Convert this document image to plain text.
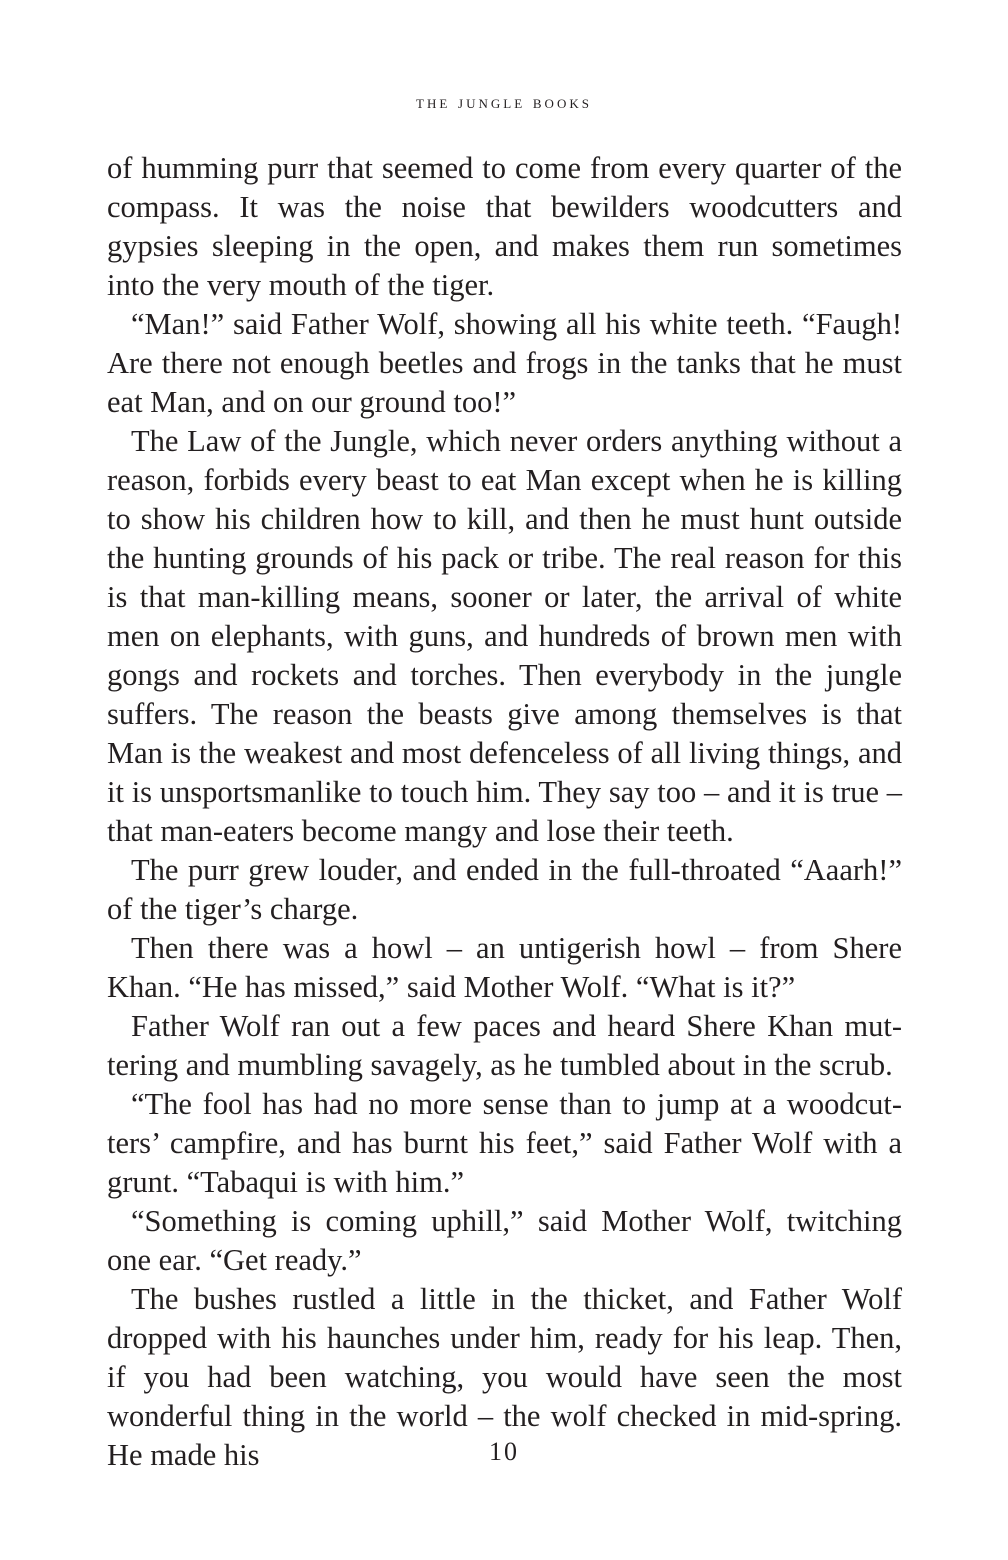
the jungle books

of humming purr that seemed to come from every quarter of the compass. It was the noise that bewilders woodcutters and gypsies sleeping in the open, and makes them run sometimes into the very mouth of the tiger.

“Man!” said Father Wolf, showing all his white teeth. “Faugh! Are there not enough beetles and frogs in the tanks that he must eat Man, and on our ground too!”

The Law of the Jungle, which never orders anything without a reason, forbids every beast to eat Man except when he is killing to show his children how to kill, and then he must hunt outside the hunting grounds of his pack or tribe. The real reason for this is that man-killing means, sooner or later, the arrival of white men on elephants, with guns, and hundreds of brown men with gongs and rockets and torches. Then everybody in the jungle suffers. The reason the beasts give among themselves is that Man is the weakest and most defenceless of all living things, and it is unsportsmanlike to touch him. They say too – and it is true – that man-eaters become mangy and lose their teeth.

The purr grew louder, and ended in the full-throated “Aaarh!” of the tiger’s charge.

Then there was a howl – an untigerish howl – from Shere Khan. “He has missed,” said Mother Wolf. “What is it?”

Father Wolf ran out a few paces and heard Shere Khan muttering and mumbling savagely, as he tumbled about in the scrub.

“The fool has had no more sense than to jump at a woodcutters’ campfire, and has burnt his feet,” said Father Wolf with a grunt. “Tabaqui is with him.”

“Something is coming uphill,” said Mother Wolf, twitching one ear. “Get ready.”

The bushes rustled a little in the thicket, and Father Wolf dropped with his haunches under him, ready for his leap. Then, if you had been watching, you would have seen the most wonderful thing in the world – the wolf checked in mid-spring. He made his	10
